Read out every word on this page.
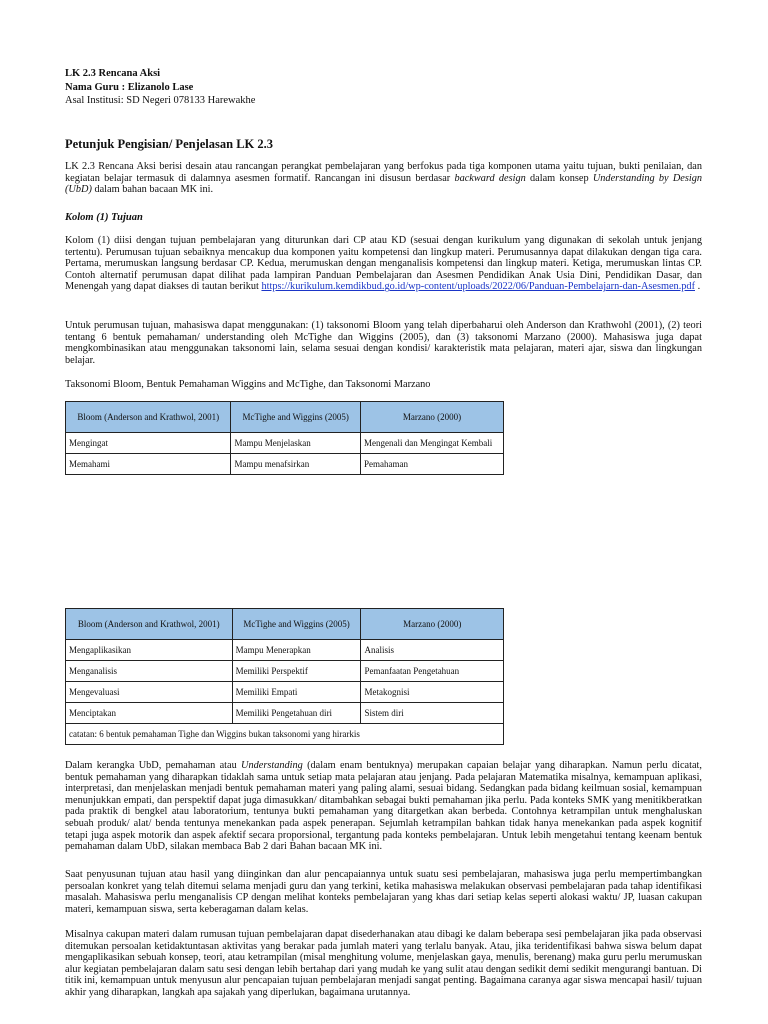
LK 2.3 Rencana Aksi
Nama Guru : Elizanolo Lase
Asal Institusi: SD Negeri 078133 Harewakhe
Petunjuk Pengisian/ Penjelasan LK 2.3
LK 2.3 Rencana Aksi berisi desain atau rancangan perangkat pembelajaran yang berfokus pada tiga komponen utama yaitu tujuan, bukti penilaian, dan kegiatan belajar termasuk di dalamnya asesmen formatif. Rancangan ini disusun berdasar backward design dalam konsep Understanding by Design (UbD) dalam bahan bacaan MK ini.
Kolom (1) Tujuan
Kolom (1) diisi dengan tujuan pembelajaran yang diturunkan dari CP atau KD (sesuai dengan kurikulum yang digunakan di sekolah untuk jenjang tertentu). Perumusan tujuan sebaiknya mencakup dua komponen yaitu kompetensi dan lingkup materi. Perumusannya dapat dilakukan dengan tiga cara. Pertama, merumuskan langsung berdasar CP. Kedua, merumuskan dengan menganalisis kompetensi dan lingkup materi. Ketiga, merumuskan lintas CP. Contoh alternatif perumusan dapat dilihat pada lampiran Panduan Pembelajaran dan Asesmen Pendidikan Anak Usia Dini, Pendidikan Dasar, dan Menengah yang dapat diakses di tautan berikut https://kurikulum.kemdikbud.go.id/wp-content/uploads/2022/06/Panduan-Pembelajarn-dan-Asesmen.pdf .
Untuk perumusan tujuan, mahasiswa dapat menggunakan: (1) taksonomi Bloom yang telah diperbaharui oleh Anderson dan Krathwohl (2001), (2) teori tentang 6 bentuk pemahaman/ understanding oleh McTighe dan Wiggins (2005), dan (3) taksonomi Marzano (2000). Mahasiswa juga dapat mengkombinasikan atau menggunakan taksonomi lain, selama sesuai dengan kondisi/ karakteristik mata pelajaran, materi ajar, siswa dan lingkungan belajar.
Taksonomi Bloom, Bentuk Pemahaman Wiggins and McTighe, dan Taksonomi Marzano
Bloom (Anderson and Krathwol, 2001)	McTighe and Wiggins (2005)	Marzano (2000)
Mengingat	Mampu Menjelaskan	Mengenali dan Mengingat Kembali
Memahami	Mampu menafsirkan	Pemahaman
Bloom (Anderson and Krathwol, 2001)	McTighe and Wiggins (2005)	Marzano (2000)
Mengaplikasikan	Mampu Menerapkan	Analisis
Menganalisis	Memiliki Perspektif	Pemanfaatan Pengetahuan
Mengevaluasi	Memiliki Empati	Metakognisi
Menciptakan	Memiliki Pengetahuan diri	Sistem diri
catatan: 6 bentuk pemahaman Tighe dan Wiggins bukan taksonomi yang hirarkis		
Dalam kerangka UbD, pemahaman atau Understanding (dalam enam bentuknya) merupakan capaian belajar yang diharapkan. Namun perlu dicatat, bentuk pemahaman yang diharapkan tidaklah sama untuk setiap mata pelajaran atau jenjang. Pada pelajaran Matematika misalnya, kemampuan aplikasi, interpretasi, dan menjelaskan menjadi bentuk pemahaman materi yang paling alami, sesuai bidang. Sedangkan pada bidang keilmuan sosial, kemampuan menunjukkan empati, dan perspektif dapat juga dimasukkan/ ditambahkan sebagai bukti pemahaman jika perlu. Pada konteks SMK yang menitikberatkan pada praktik di bengkel atau laboratorium, tentunya bukti pemahaman yang ditargetkan akan berbeda. Contohnya ketrampilan untuk menghaluskan sebuah produk/ alat/ benda tentunya menekankan pada aspek penerapan. Sejumlah ketrampilan bahkan tidak hanya menekankan pada aspek kognitif tetapi juga aspek motorik dan aspek afektif secara proporsional, tergantung pada konteks pembelajaran. Untuk lebih mengetahui tentang keenam bentuk pemahaman dalam UbD, silakan membaca Bab 2 dari Bahan bacaan MK ini.
Saat penyusunan tujuan atau hasil yang diinginkan dan alur pencapaiannya untuk suatu sesi pembelajaran, mahasiswa juga perlu mempertimbangkan persoalan konkret yang telah ditemui selama menjadi guru dan yang terkini, ketika mahasiswa melakukan observasi pembelajaran pada tahap identifikasi masalah. Mahasiswa perlu menganalisis CP dengan melihat konteks pembelajaran yang khas dari setiap kelas seperti alokasi waktu/ JP, luasan cakupan materi, kemampuan siswa, serta keberagaman dalam kelas.
Misalnya cakupan materi dalam rumusan tujuan pembelajaran dapat disederhanakan atau dibagi ke dalam beberapa sesi pembelajaran jika pada observasi ditemukan persoalan ketidaktuntasan aktivitas yang berakar pada jumlah materi yang terlalu banyak. Atau, jika teridentifikasi bahwa siswa belum dapat mengaplikasikan sebuah konsep, teori, atau ketrampilan (misal menghitung volume, menjelaskan gaya, menulis, berenang) maka guru perlu merumuskan alur kegiatan pembelajaran dalam satu sesi dengan lebih bertahap dari yang mudah ke yang sulit atau dengan sedikit demi sedikit mengurangi bantuan. Di titik ini, kemampuan untuk menyusun alur pencapaian tujuan pembelajaran menjadi sangat penting. Bagaimana caranya agar siswa mencapai hasil/ tujuan akhir yang diharapkan, langkah apa sajakah yang diperlukan, bagaimana urutannya.
